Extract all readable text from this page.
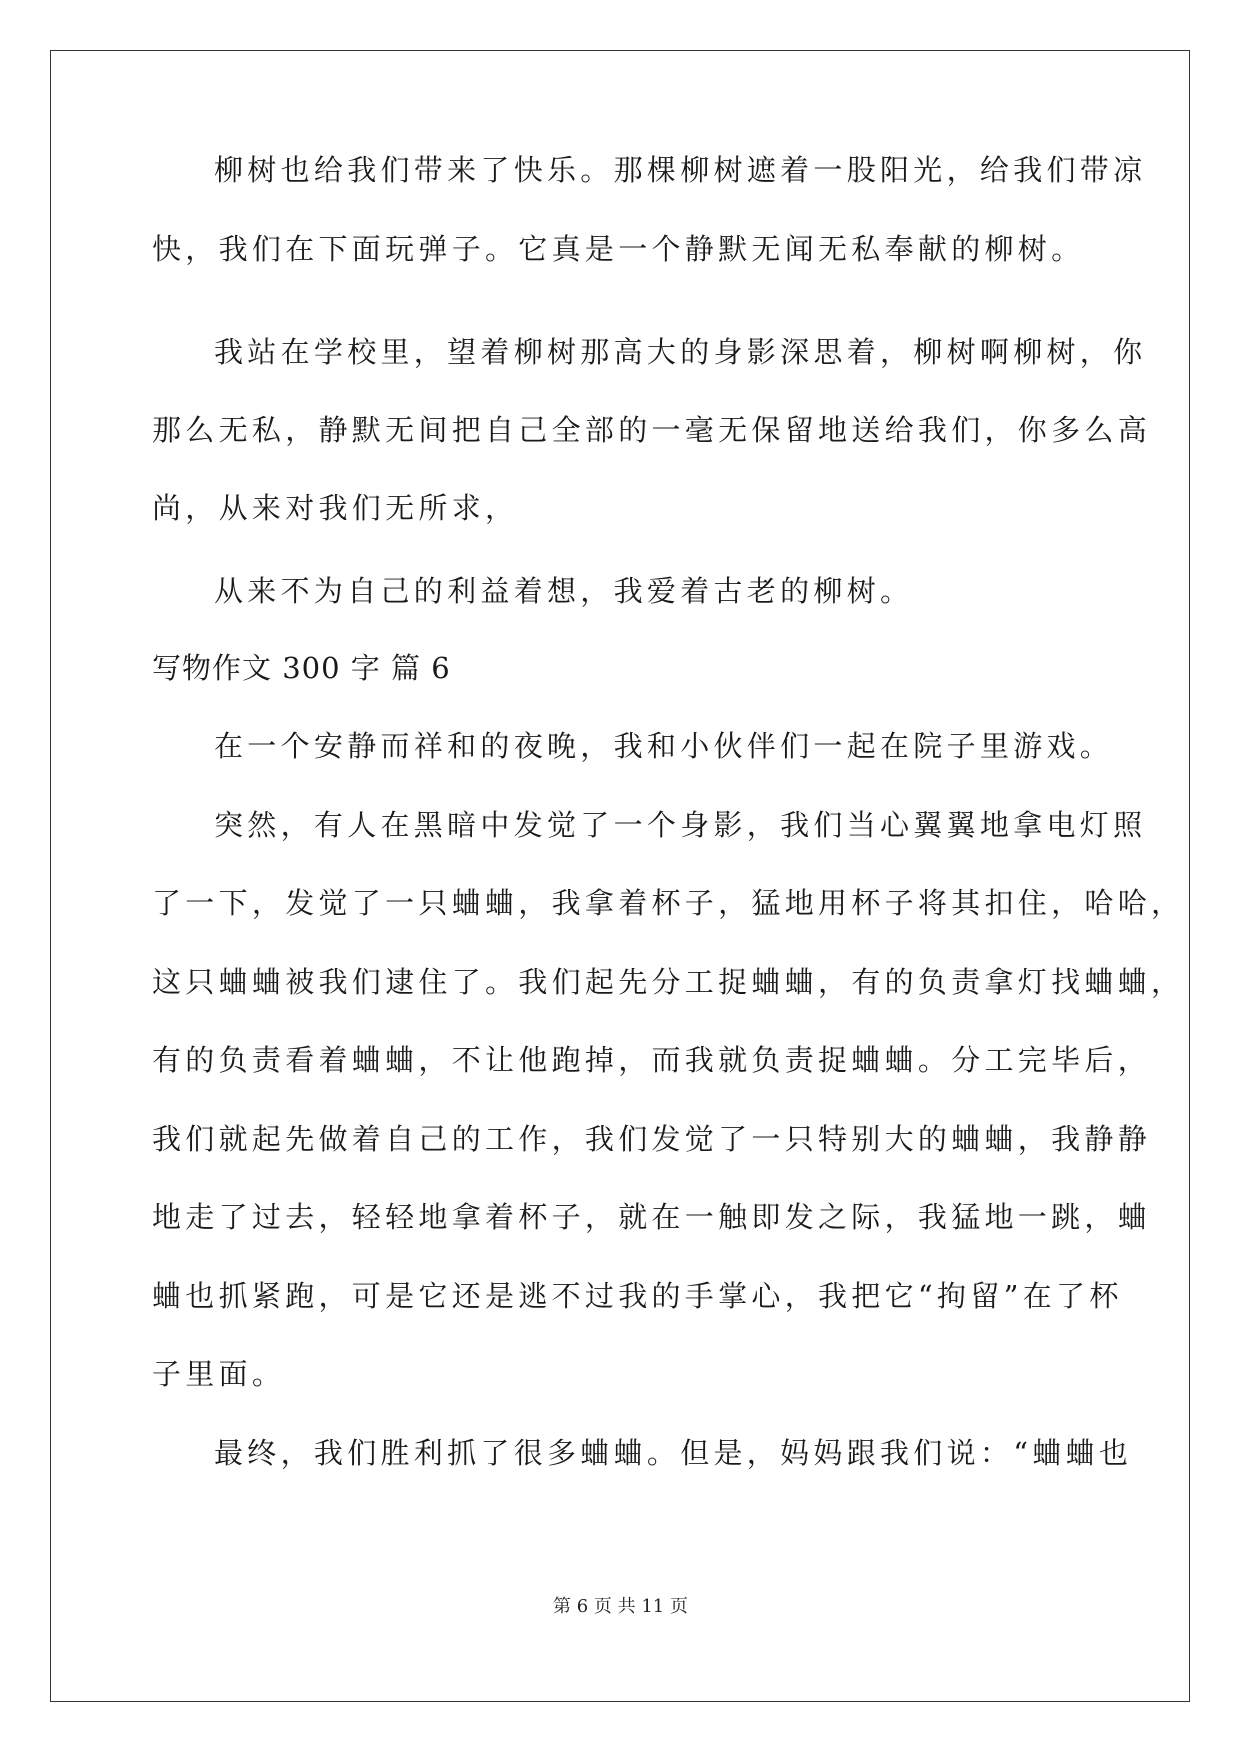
柳树也给我们带来了快乐。那棵柳树遮着一股阳光，给我们带凉
快，我们在下面玩弹子。它真是一个静默无闻无私奉献的柳树。
我站在学校里，望着柳树那高大的身影深思着，柳树啊柳树，你
那么无私，静默无间把自己全部的一毫无保留地送给我们，你多么高
尚，从来对我们无所求，
从来不为自己的利益着想，我爱着古老的柳树。
写物作文 300 字 篇 6
在一个安静而祥和的夜晚，我和小伙伴们一起在院子里游戏。
突然，有人在黑暗中发觉了一个身影，我们当心翼翼地拿电灯照
了一下，发觉了一只蛐蛐，我拿着杯子，猛地用杯子将其扣住，哈哈，
这只蛐蛐被我们逮住了。我们起先分工捉蛐蛐，有的负责拿灯找蛐蛐，
有的负责看着蛐蛐，不让他跑掉，而我就负责捉蛐蛐。分工完毕后，
我们就起先做着自己的工作，我们发觉了一只特别大的蛐蛐，我静静
地走了过去，轻轻地拿着杯子，就在一触即发之际，我猛地一跳，蛐
蛐也抓紧跑，可是它还是逃不过我的手掌心，我把它“拘留”在了杯
子里面。
最终，我们胜利抓了很多蛐蛐。但是，妈妈跟我们说：“蛐蛐也
第 6 页 共 11 页
